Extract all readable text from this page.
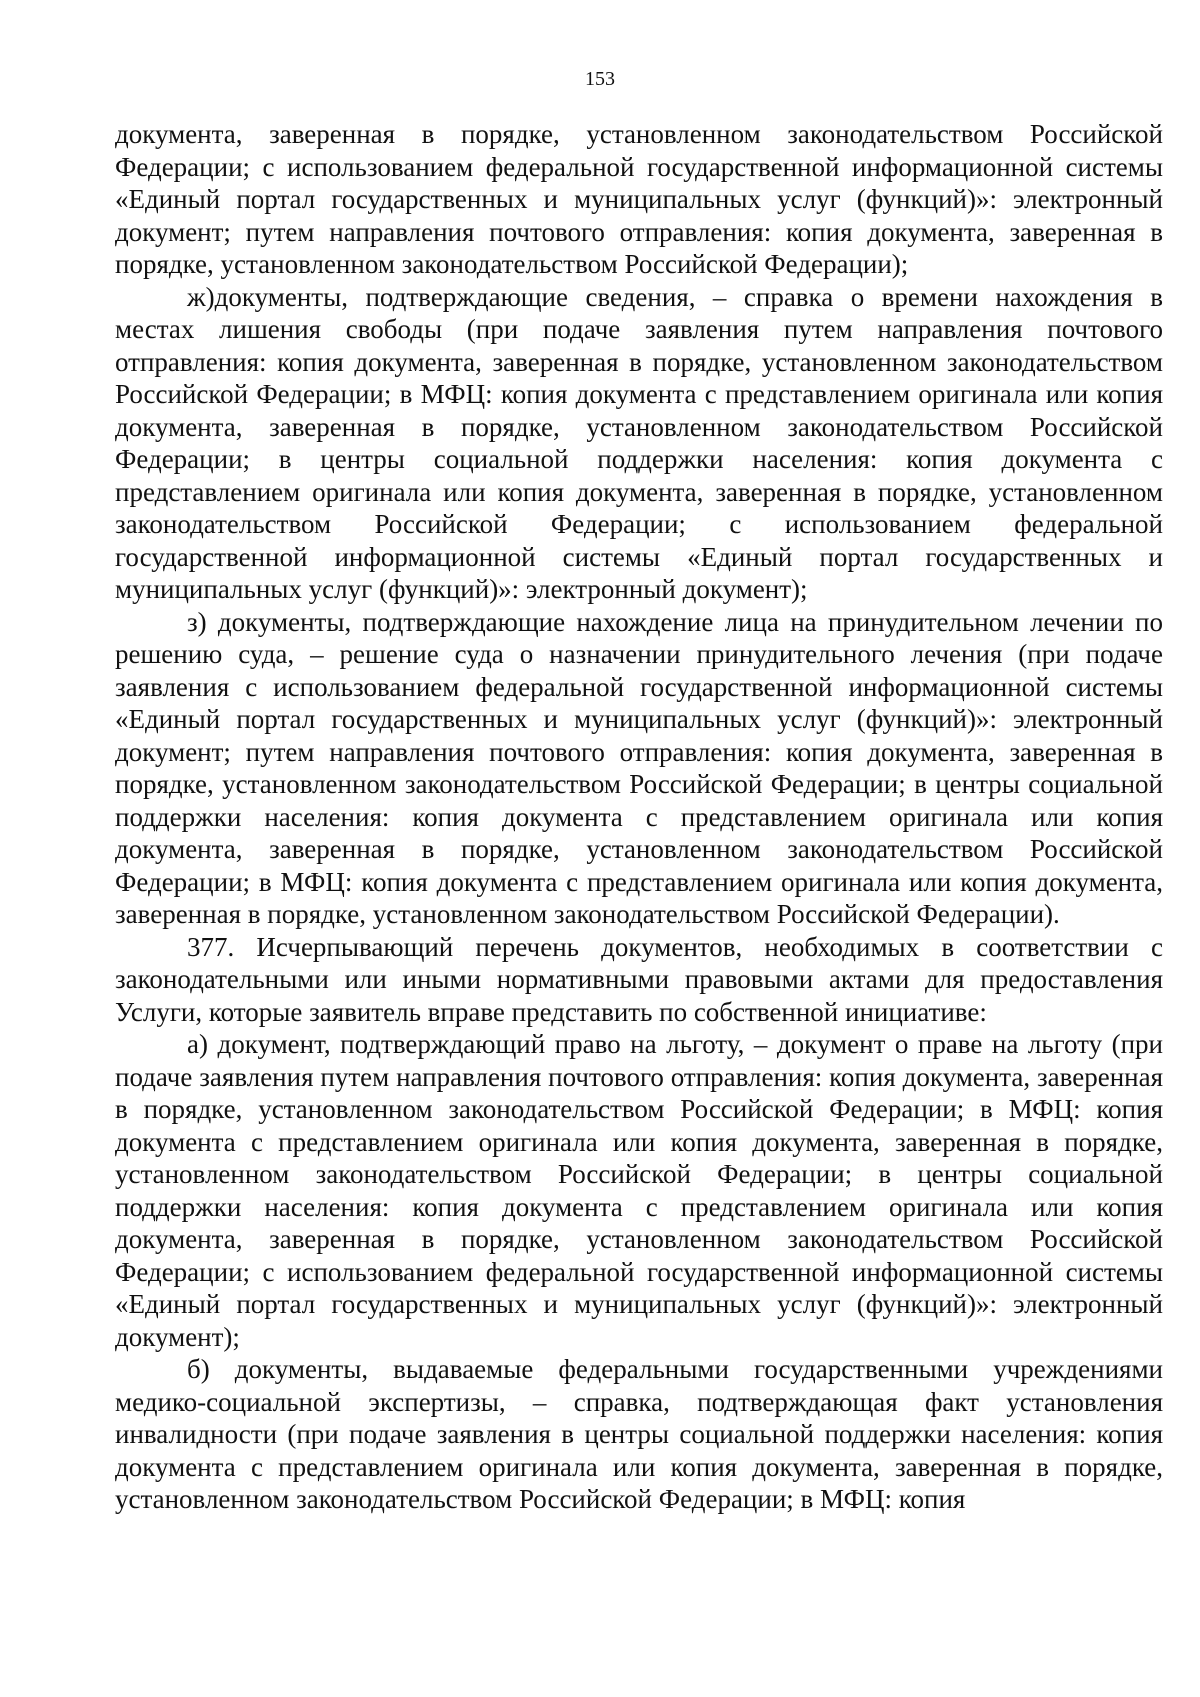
153

документа, заверенная в порядке, установленном законодательством Российской Федерации; с использованием федеральной государственной информационной системы «Единый портал государственных и муниципальных услуг (функций)»: электронный документ; путем направления почтового отправления: копия документа, заверенная в порядке, установленном законодательством Российской Федерации);

ж)документы, подтверждающие сведения, – справка о времени нахождения в местах лишения свободы (при подаче заявления путем направления почтового отправления: копия документа, заверенная в порядке, установленном законодательством Российской Федерации; в МФЦ: копия документа с представлением оригинала или копия документа, заверенная в порядке, установленном законодательством Российской Федерации; в центры социальной поддержки населения: копия документа с представлением оригинала или копия документа, заверенная в порядке, установленном законодательством Российской Федерации; с использованием федеральной государственной информационной системы «Единый портал государственных и муниципальных услуг (функций)»: электронный документ);

з) документы, подтверждающие нахождение лица на принудительном лечении по решению суда, – решение суда о назначении принудительного лечения (при подаче заявления с использованием федеральной государственной информационной системы «Единый портал государственных и муниципальных услуг (функций)»: электронный документ; путем направления почтового отправления: копия документа, заверенная в порядке, установленном законодательством Российской Федерации; в центры социальной поддержки населения: копия документа с представлением оригинала или копия документа, заверенная в порядке, установленном законодательством Российской Федерации; в МФЦ: копия документа с представлением оригинала или копия документа, заверенная в порядке, установленном законодательством Российской Федерации).

377. Исчерпывающий перечень документов, необходимых в соответствии с законодательными или иными нормативными правовыми актами для предоставления Услуги, которые заявитель вправе представить по собственной инициативе:

а) документ, подтверждающий право на льготу, – документ о праве на льготу (при подаче заявления путем направления почтового отправления: копия документа, заверенная в порядке, установленном законодательством Российской Федерации; в МФЦ: копия документа с представлением оригинала или копия документа, заверенная в порядке, установленном законодательством Российской Федерации; в центры социальной поддержки населения: копия документа с представлением оригинала или копия документа, заверенная в порядке, установленном законодательством Российской Федерации; с использованием федеральной государственной информационной системы «Единый портал государственных и муниципальных услуг (функций)»: электронный документ);

б) документы, выдаваемые федеральными государственными учреждениями медико-социальной экспертизы, – справка, подтверждающая факт установления инвалидности (при подаче заявления в центры социальной поддержки населения: копия документа с представлением оригинала или копия документа, заверенная в порядке, установленном законодательством Российской Федерации; в МФЦ: копия
